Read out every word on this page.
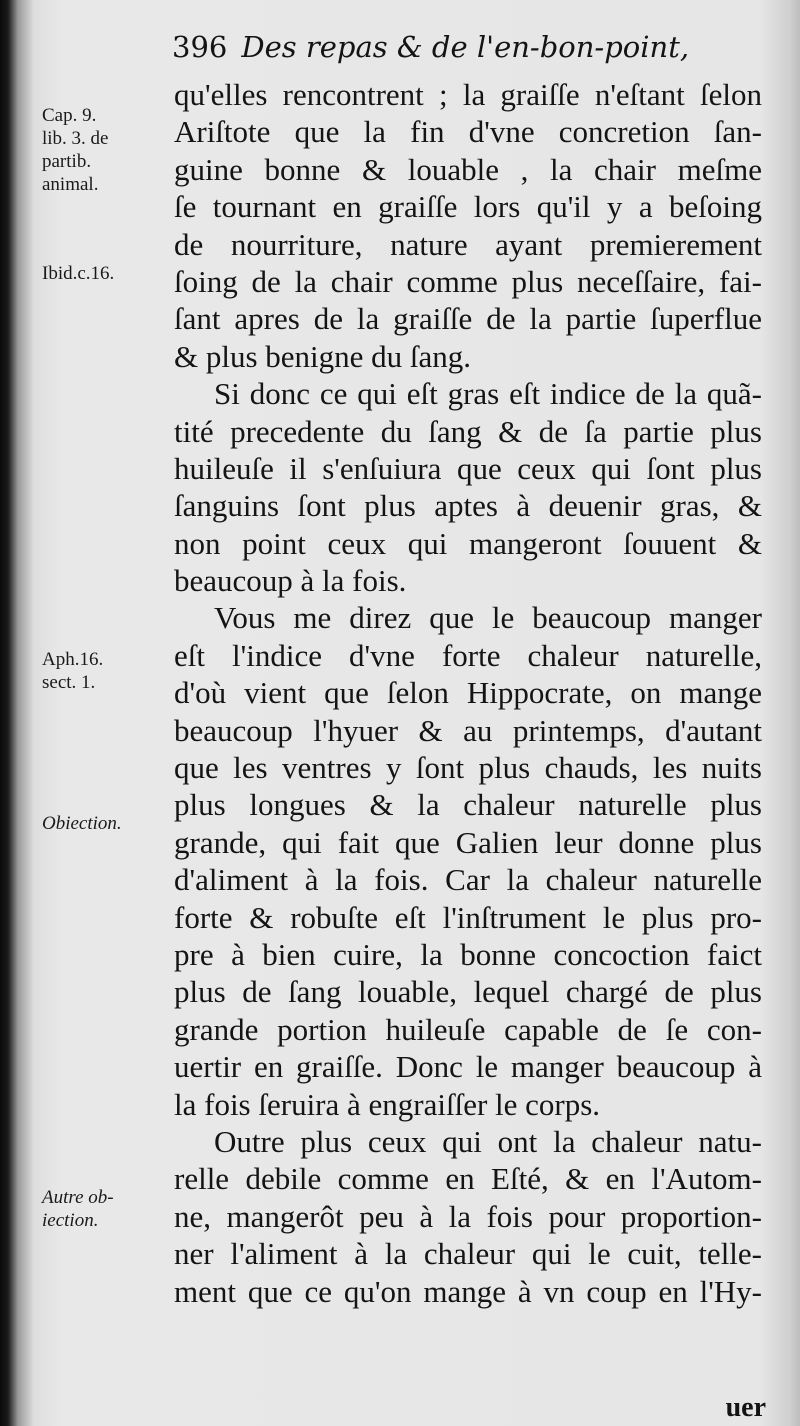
396 Des repas & de l'en-bon-point,
qu'elles rencontrent ; la graiſſe n'eſtant ſelon
Ariſtote que la fin d'vne concretion ſan-
guine bonne & louable , la chair meſme
ſe tournant en graiſſe lors qu'il y a beſoing
de nourriture, nature ayant premierement
ſoing de la chair comme plus neceſſaire, fai-
ſant apres de la graiſſe de la partie ſuperflue
& plus benigne du ſang.
Si donc ce qui eſt gras eſt indice de la quã-
tité precedente du ſang & de ſa partie plus
huileuſe il s'enſuiura que ceux qui ſont plus
ſanguins ſont plus aptes à deuenir gras, &
non point ceux qui mangeront ſouuent &
beaucoup à la fois.
Vous me direz que le beaucoup manger
eſt l'indice d'vne forte chaleur naturelle,
d'où vient que ſelon Hippocrate, on mange
beaucoup l'hyuer & au printemps, d'autant
que les ventres y ſont plus chauds, les nuits
plus longues & la chaleur naturelle plus
grande, qui fait que Galien leur donne plus
d'aliment à la fois. Car la chaleur naturelle
forte & robuſte eſt l'inſtrument le plus pro-
pre à bien cuire, la bonne concoction faict
plus de ſang louable, lequel chargé de plus
grande portion huileuſe capable de ſe con-
uertir en graiſſe. Donc le manger beaucoup à
la fois ſeruira à engraiſſer le corps.
Outre plus ceux qui ont la chaleur natu-
relle debile comme en Eſté, & en l'Autom-
ne, mangerôt peu à la fois pour proportion-
ner l'aliment à la chaleur qui le cuit, telle-
ment que ce qu'on mange à vn coup en l'Hy-
Cap. 9.
lib. 3. de
partib.
animal.
Ibid.c.16.
Aph.16.
sect. 1.
Obiection.
Autre ob-
iection.
uer
